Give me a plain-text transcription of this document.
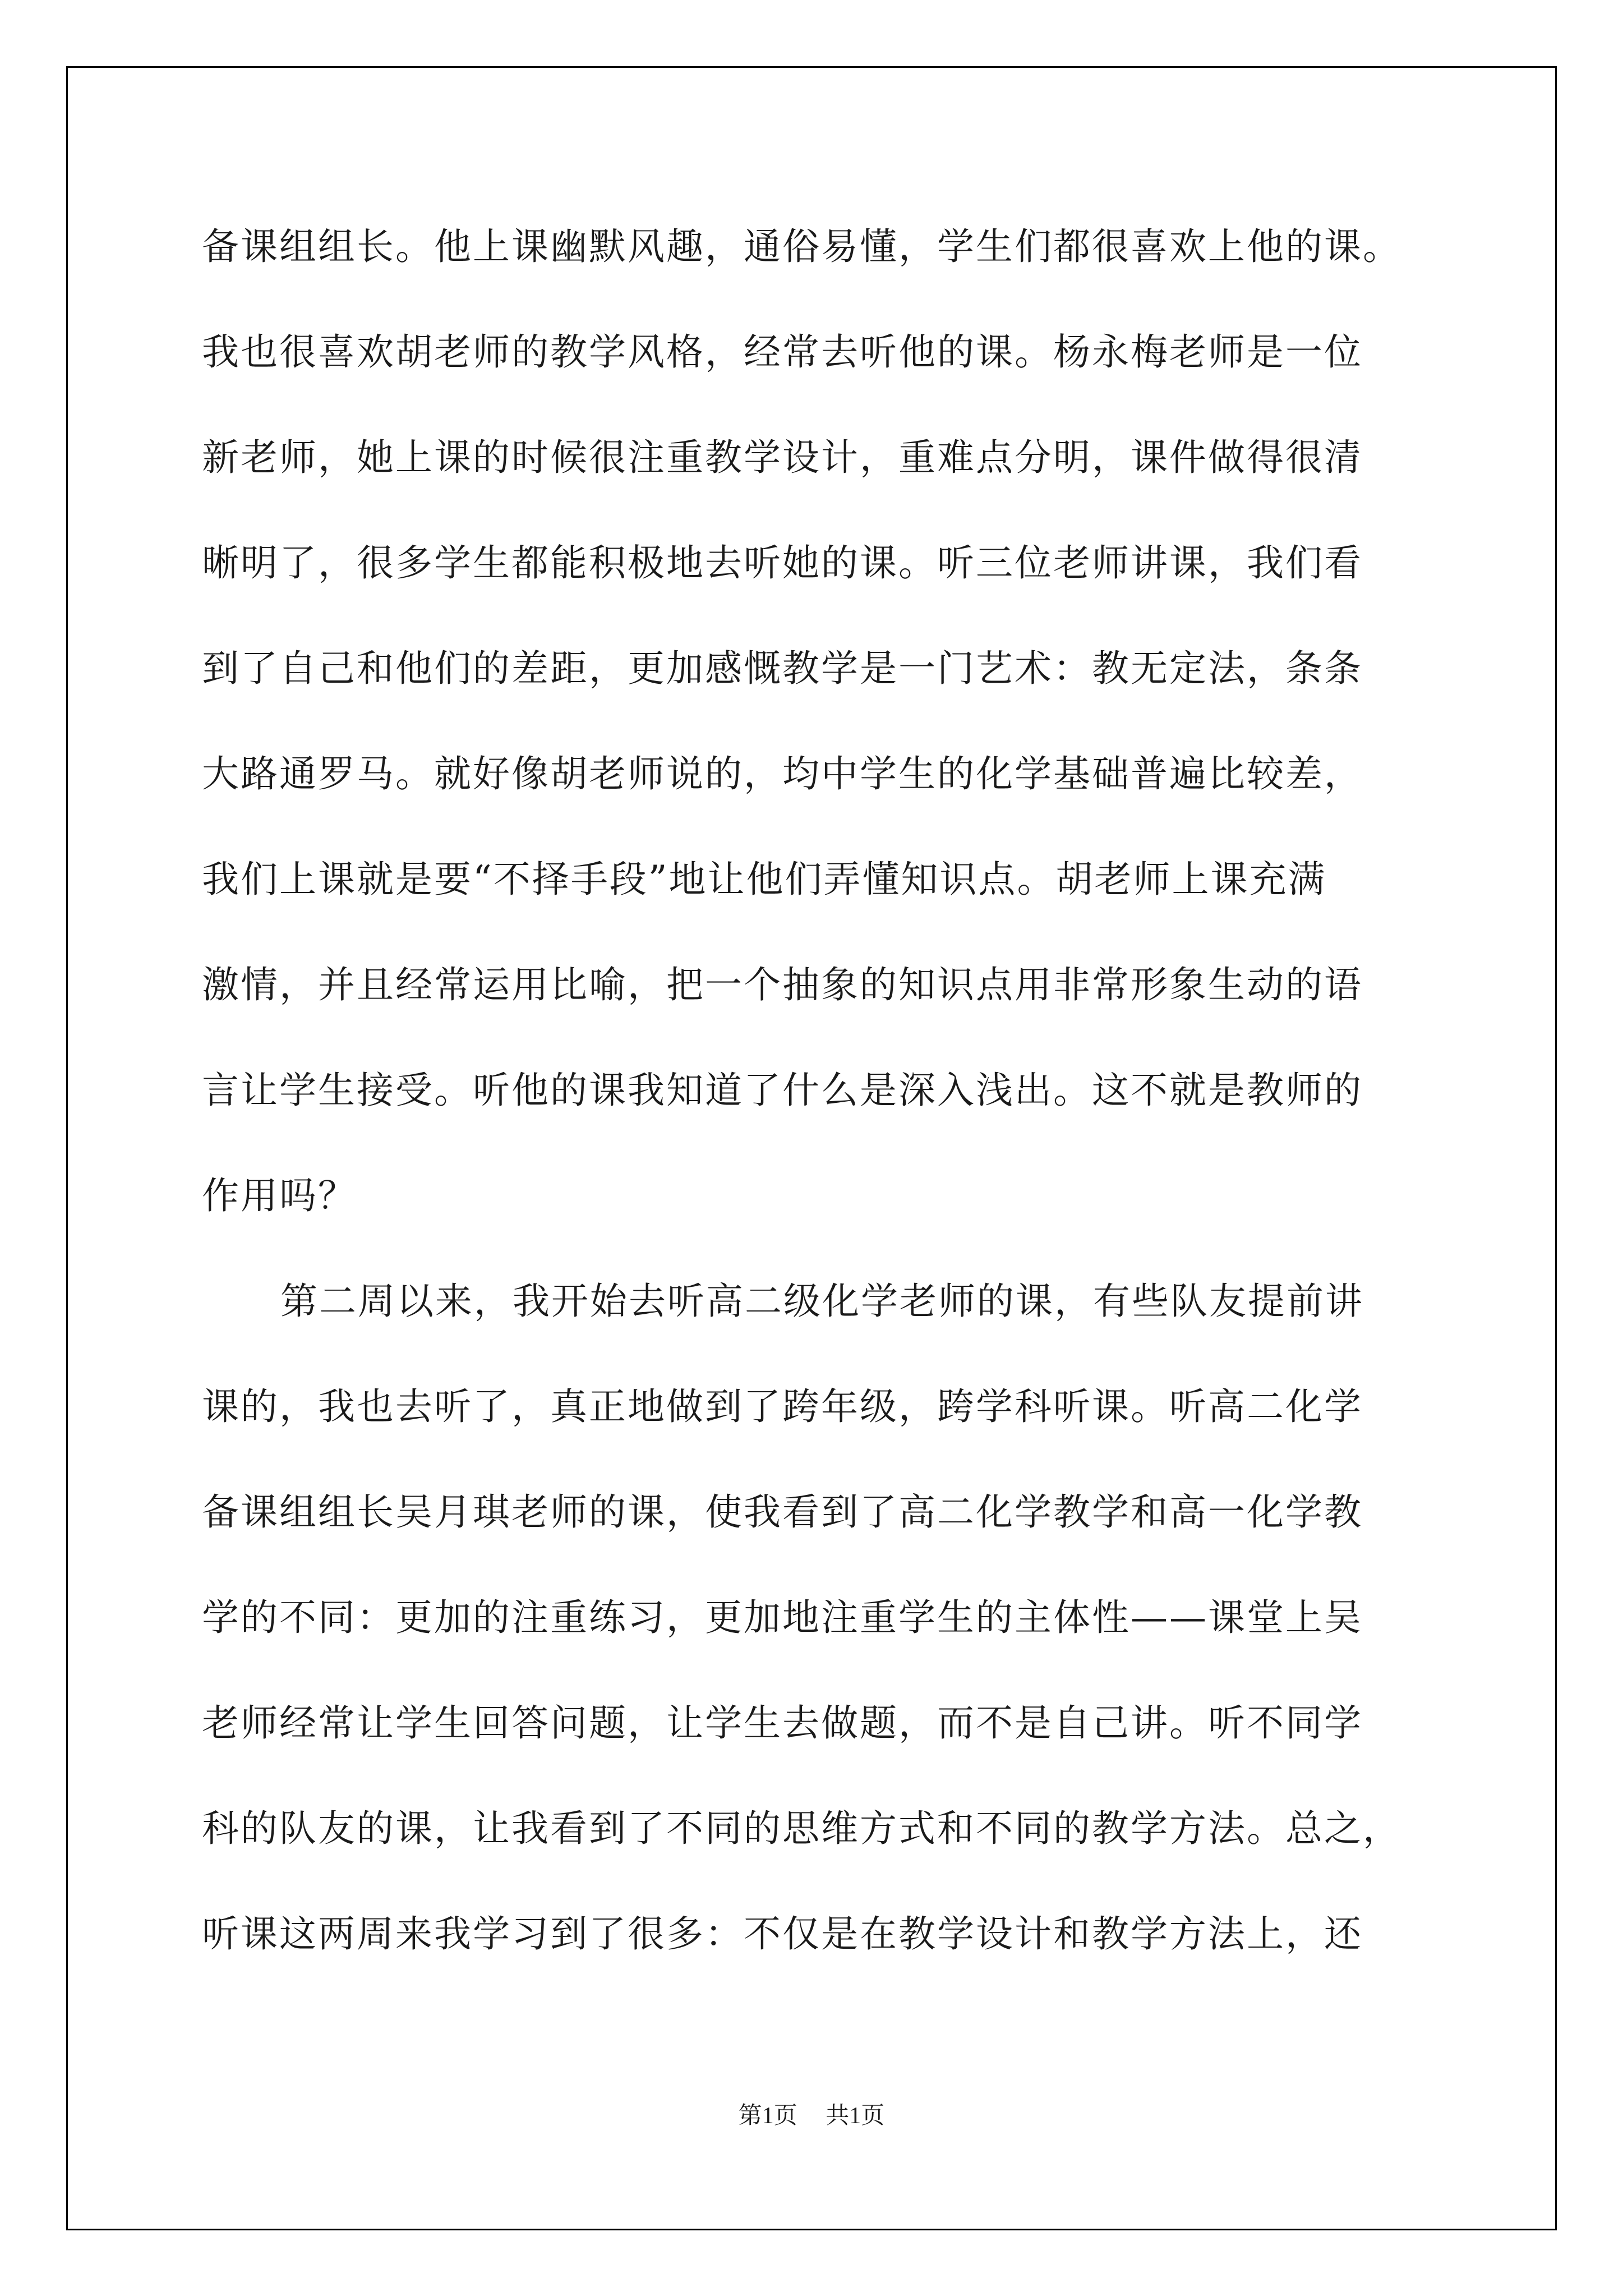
备课组组长。他上课幽默风趣，通俗易懂，学生们都很喜欢上他的课。
我也很喜欢胡老师的教学风格，经常去听他的课。杨永梅老师是一位
新老师，她上课的时候很注重教学设计，重难点分明，课件做得很清
晰明了，很多学生都能积极地去听她的课。听三位老师讲课，我们看
到了自己和他们的差距，更加感慨教学是一门艺术：教无定法，条条
大路通罗马。就好像胡老师说的，均中学生的化学基础普遍比较差，
我们上课就是要“不择手段”地让他们弄懂知识点。胡老师上课充满
激情，并且经常运用比喻，把一个抽象的知识点用非常形象生动的语
言让学生接受。听他的课我知道了什么是深入浅出。这不就是教师的
作用吗？
第二周以来，我开始去听高二级化学老师的课，有些队友提前讲
课的，我也去听了，真正地做到了跨年级，跨学科听课。听高二化学
备课组组长吴月琪老师的课，使我看到了高二化学教学和高一化学教
学的不同：更加的注重练习，更加地注重学生的主体性——课堂上吴
老师经常让学生回答问题，让学生去做题，而不是自己讲。听不同学
科的队友的课，让我看到了不同的思维方式和不同的教学方法。总之，
听课这两周来我学习到了很多：不仅是在教学设计和教学方法上，还
第1页 共1页
